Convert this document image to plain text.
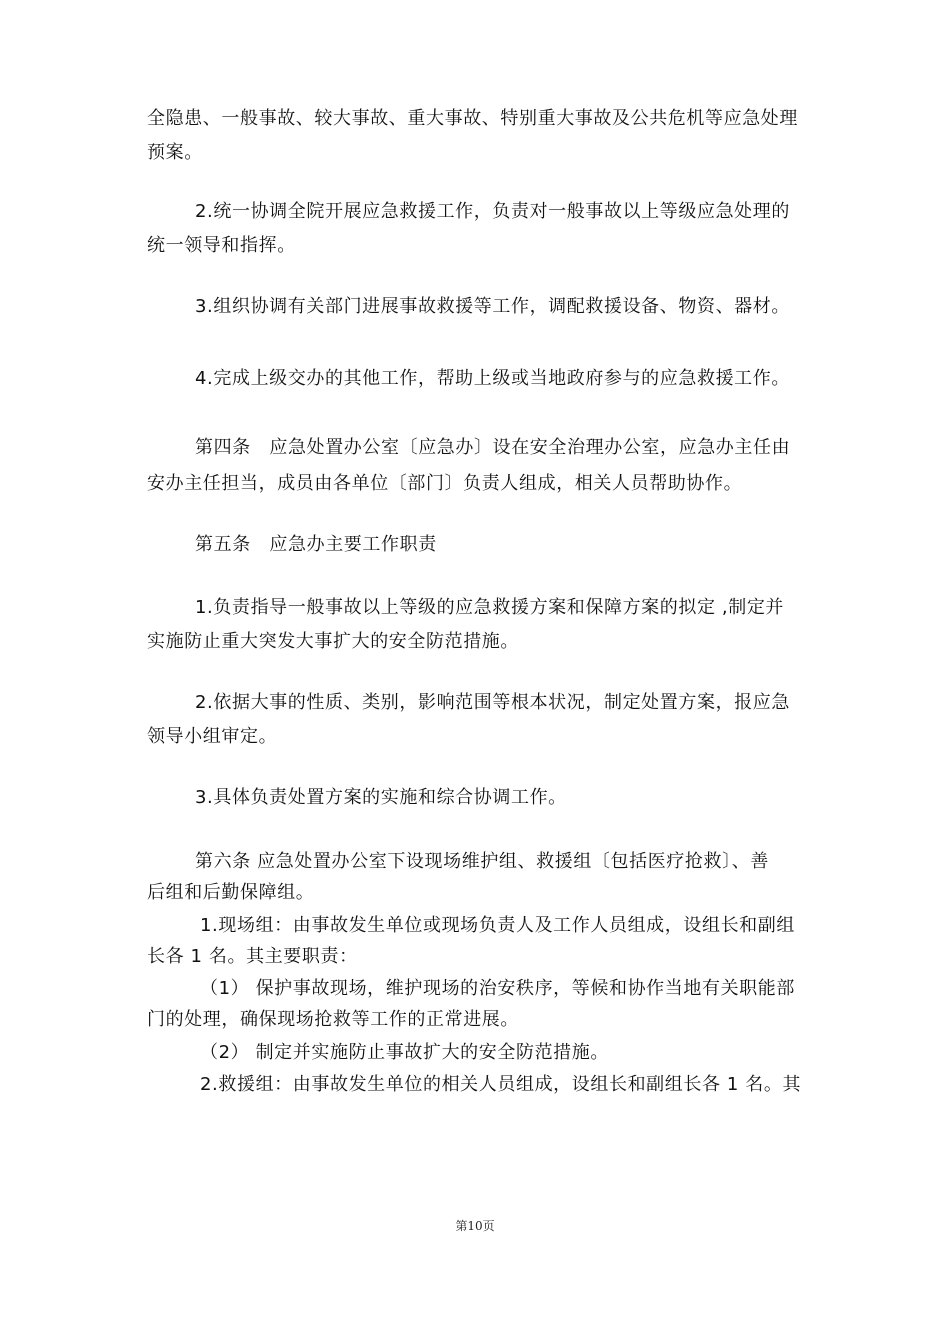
全隐患、一般事故、较大事故、重大事故、特别重大事故及公共危机等应急处理
预案。
2.统一协调全院开展应急救援工作，负责对一般事故以上等级应急处理的
统一领导和指挥。
3.组织协调有关部门进展事故救援等工作，调配救援设备、物资、器材。
4.完成上级交办的其他工作，帮助上级或当地政府参与的应急救援工作。
第四条　应急处置办公室〔应急办〕设在安全治理办公室，应急办主任由
安办主任担当，成员由各单位〔部门〕负责人组成，相关人员帮助协作。
第五条　应急办主要工作职责
1.负责指导一般事故以上等级的应急救援方案和保障方案的拟定 ,制定并
实施防止重大突发大事扩大的安全防范措施。
2.依据大事的性质、类别，影响范围等根本状况，制定处置方案，报应急
领导小组审定。
3.具体负责处置方案的实施和综合协调工作。
第六条 应急处置办公室下设现场维护组、救援组〔包括医疗抢救〕、善
后组和后勤保障组。
1.现场组：由事故发生单位或现场负责人及工作人员组成，设组长和副组
长各 1 名。其主要职责：
（1） 保护事故现场，维护现场的治安秩序，等候和协作当地有关职能部
门的处理，确保现场抢救等工作的正常进展。
（2） 制定并实施防止事故扩大的安全防范措施。
2.救援组：由事故发生单位的相关人员组成，设组长和副组长各 1 名。其
第10页
